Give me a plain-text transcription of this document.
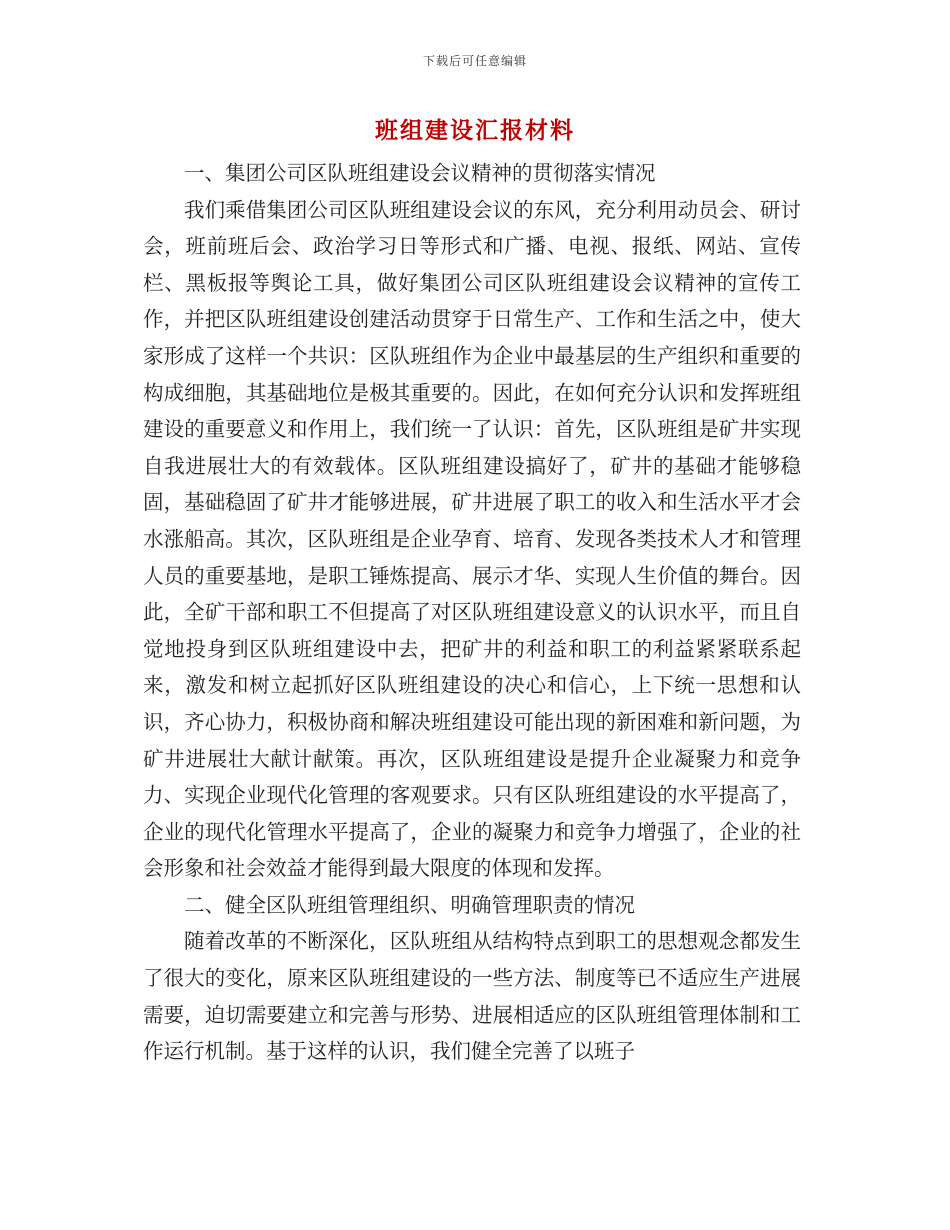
下载后可任意编辑
班组建设汇报材料

一、集团公司区队班组建设会议精神的贯彻落实情况

我们乘借集团公司区队班组建设会议的东风，充分利用动员会、研讨会，班前班后会、政治学习日等形式和广播、电视、报纸、网站、宣传栏、黑板报等舆论工具，做好集团公司区队班组建设会议精神的宣传工作，并把区队班组建设创建活动贯穿于日常生产、工作和生活之中，使大家形成了这样一个共识：区队班组作为企业中最基层的生产组织和重要的构成细胞，其基础地位是极其重要的。因此，在如何充分认识和发挥班组建设的重要意义和作用上，我们统一了认识：首先，区队班组是矿井实现自我进展壮大的有效载体。区队班组建设搞好了，矿井的基础才能够稳固，基础稳固了矿井才能够进展，矿井进展了职工的收入和生活水平才会水涨船高。其次，区队班组是企业孕育、培育、发现各类技术人才和管理人员的重要基地，是职工锤炼提高、展示才华、实现人生价值的舞台。因此，全矿干部和职工不但提高了对区队班组建设意义的认识水平，而且自觉地投身到区队班组建设中去，把矿井的利益和职工的利益紧紧联系起来，激发和树立起抓好区队班组建设的决心和信心，上下统一思想和认识，齐心协力，积极协商和解决班组建设可能出现的新困难和新问题，为矿井进展壮大献计献策。再次，区队班组建设是提升企业凝聚力和竞争力、实现企业现代化管理的客观要求。只有区队班组建设的水平提高了，企业的现代化管理水平提高了，企业的凝聚力和竞争力增强了，企业的社会形象和社会效益才能得到最大限度的体现和发挥。

二、健全区队班组管理组织、明确管理职责的情况

随着改革的不断深化，区队班组从结构特点到职工的思想观念都发生了很大的变化，原来区队班组建设的一些方法、制度等已不适应生产进展需要，迫切需要建立和完善与形势、进展相适应的区队班组管理体制和工作运行机制。基于这样的认识，我们健全完善了以班子
